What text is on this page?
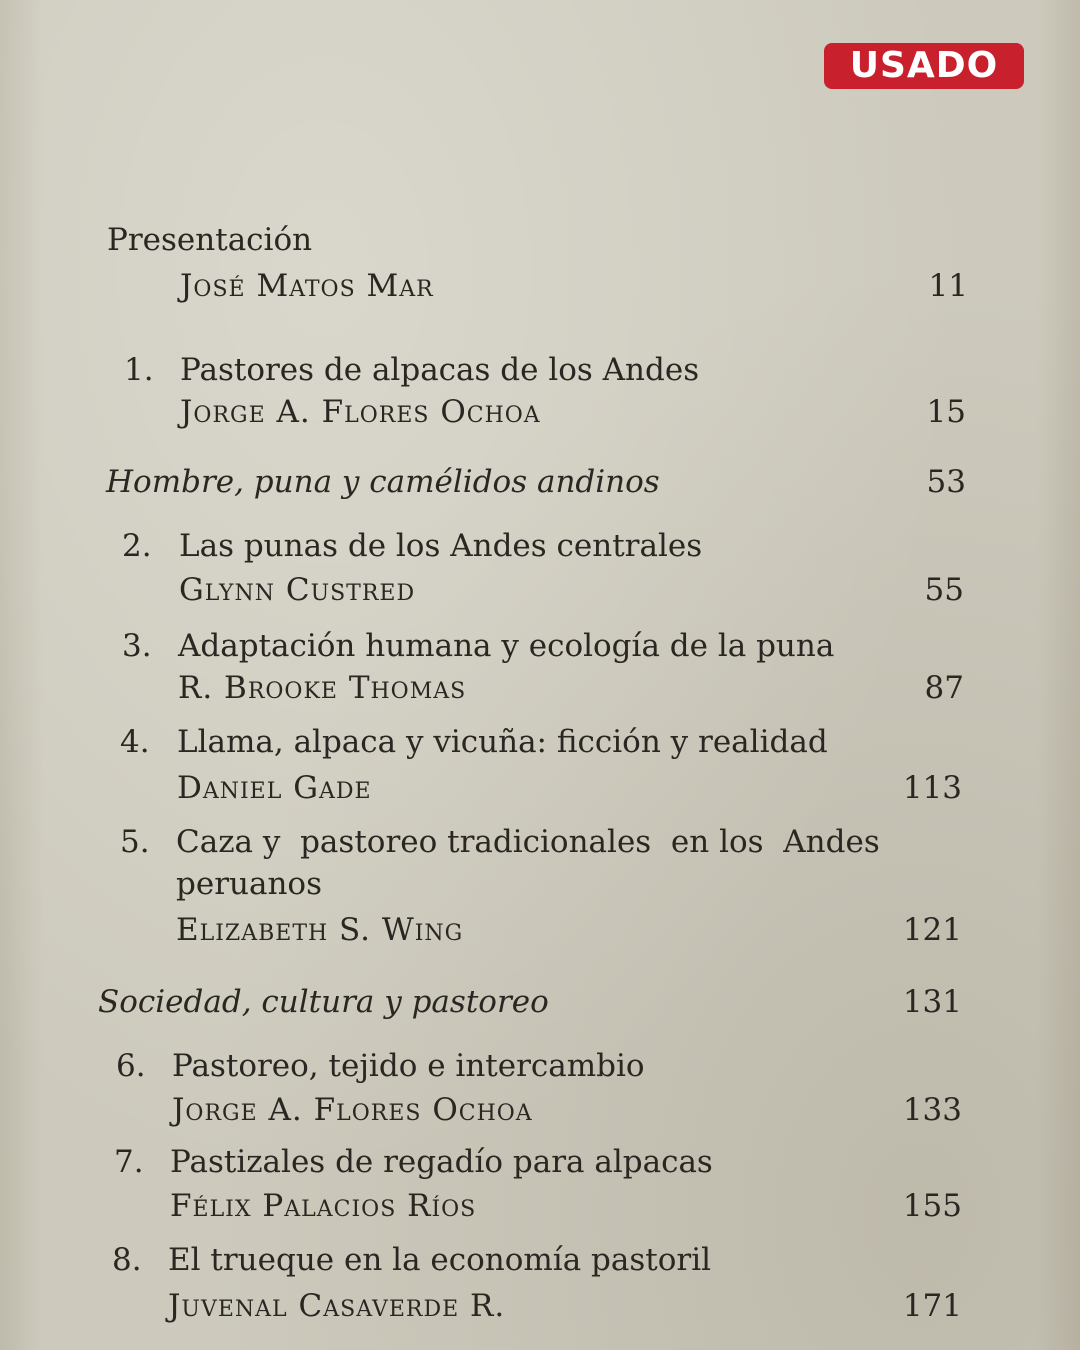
USADO
Presentación
José Matos Mar	11
1. Pastores de alpacas de los Andes
Jorge A. Flores Ochoa	15
Hombre, puna y camélidos andinos	53
2. Las punas de los Andes centrales
Glynn Custred	55
3. Adaptación humana y ecología de la puna
R. Brooke Thomas	87
4. Llama, alpaca y vicuña: ficción y realidad
Daniel Gade	113
5. Caza y  pastoreo tradicionales  en los  Andes
peruanos
Elizabeth S. Wing	121
Sociedad, cultura y pastoreo	131
6. Pastoreo, tejido e intercambio
Jorge A. Flores Ochoa	133
7. Pastizales de regadío para alpacas
Félix Palacios Ríos	155
8. El trueque en la economía pastoril
Juvenal Casaverde R.	171
